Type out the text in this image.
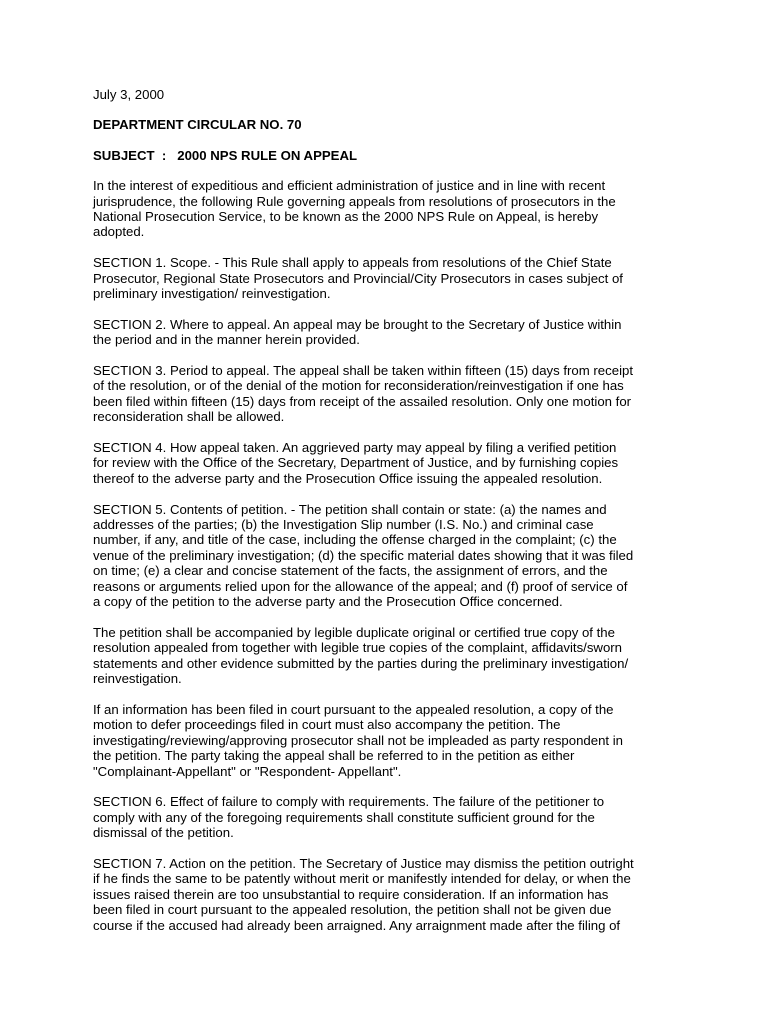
July 3, 2000
DEPARTMENT CIRCULAR NO. 70
SUBJECT  :   2000 NPS RULE ON APPEAL
In the interest of expeditious and efficient administration of justice and in line with recent
jurisprudence, the following Rule governing appeals from resolutions of prosecutors in the
National Prosecution Service, to be known as the 2000 NPS Rule on Appeal, is hereby
adopted.
SECTION 1. Scope. - This Rule shall apply to appeals from resolutions of the Chief State
Prosecutor, Regional State Prosecutors and Provincial/City Prosecutors in cases subject of
preliminary investigation/ reinvestigation.
SECTION 2. Where to appeal. An appeal may be brought to the Secretary of Justice within
the period and in the manner herein provided.
SECTION 3. Period to appeal. The appeal shall be taken within fifteen (15) days from receipt
of the resolution, or of the denial of the motion for reconsideration/reinvestigation if one has
been filed within fifteen (15) days from receipt of the assailed resolution. Only one motion for
reconsideration shall be allowed.
SECTION 4. How appeal taken. An aggrieved party may appeal by filing a verified petition
for review with the Office of the Secretary, Department of Justice, and by furnishing copies
thereof to the adverse party and the Prosecution Office issuing the appealed resolution.
SECTION 5. Contents of petition. - The petition shall contain or state: (a) the names and
addresses of the parties; (b) the Investigation Slip number (I.S. No.) and criminal case
number, if any, and title of the case, including the offense charged in the complaint; (c) the
venue of the preliminary investigation; (d) the specific material dates showing that it was filed
on time; (e) a clear and concise statement of the facts, the assignment of errors, and the
reasons or arguments relied upon for the allowance of the appeal; and (f) proof of service of
a copy of the petition to the adverse party and the Prosecution Office concerned.
The petition shall be accompanied by legible duplicate original or certified true copy of the
resolution appealed from together with legible true copies of the complaint, affidavits/sworn
statements and other evidence submitted by the parties during the preliminary investigation/
reinvestigation.
If an information has been filed in court pursuant to the appealed resolution, a copy of the
motion to defer proceedings filed in court must also accompany the petition. The
investigating/reviewing/approving prosecutor shall not be impleaded as party respondent in
the petition. The party taking the appeal shall be referred to in the petition as either
"Complainant-Appellant" or "Respondent- Appellant".
SECTION 6. Effect of failure to comply with requirements. The failure of the petitioner to
comply with any of the foregoing requirements shall constitute sufficient ground for the
dismissal of the petition.
SECTION 7. Action on the petition. The Secretary of Justice may dismiss the petition outright
if he finds the same to be patently without merit or manifestly intended for delay, or when the
issues raised therein are too unsubstantial to require consideration. If an information has
been filed in court pursuant to the appealed resolution, the petition shall not be given due
course if the accused had already been arraigned. Any arraignment made after the filing of
